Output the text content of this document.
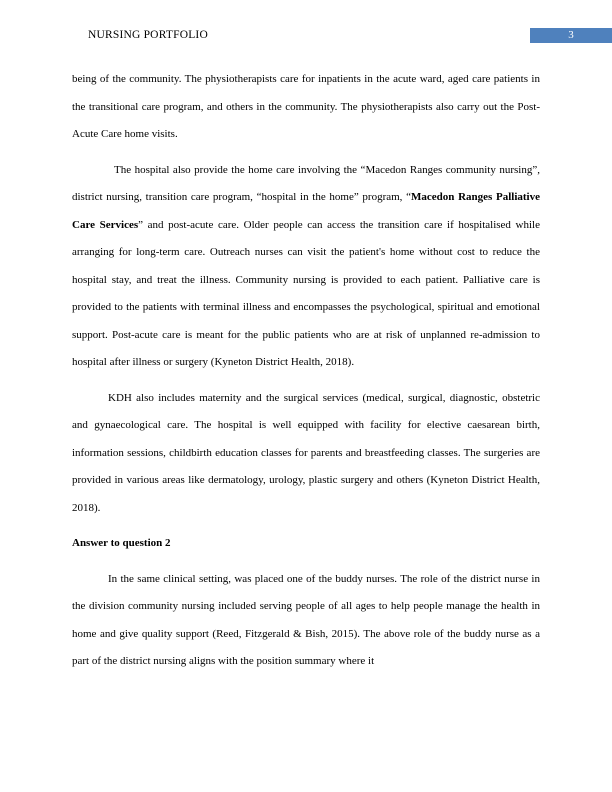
NURSING PORTFOLIO	3

being of the community. The physiotherapists care for inpatients in the acute ward, aged care patients in the transitional care program, and others in the community. The physiotherapists also carry out the Post-Acute Care home visits.

The hospital also provide the home care involving the “Macedon Ranges community nursing”, district nursing, transition care program, “hospital in the home” program, “Macedon Ranges Palliative Care Services” and post-acute care. Older people can access the transition care if hospitalised while arranging for long-term care. Outreach nurses can visit the patient's home without cost to reduce the hospital stay, and treat the illness. Community nursing is provided to each patient. Palliative care is provided to the patients with terminal illness and encompasses the psychological, spiritual and emotional support. Post-acute care is meant for the public patients who are at risk of unplanned re-admission to hospital after illness or surgery (Kyneton District Health, 2018).

KDH also includes maternity and the surgical services (medical, surgical, diagnostic, obstetric and gynaecological care. The hospital is well equipped with facility for elective caesarean birth, information sessions, childbirth education classes for parents and breastfeeding classes. The surgeries are provided in various areas like dermatology, urology, plastic surgery and others (Kyneton District Health, 2018).

Answer to question 2

In the same clinical setting, was placed one of the buddy nurses. The role of the district nurse in the division community nursing included serving people of all ages to help people manage the health in home and give quality support (Reed, Fitzgerald & Bish, 2015). The above role of the buddy nurse as a part of the district nursing aligns with the position summary where it
